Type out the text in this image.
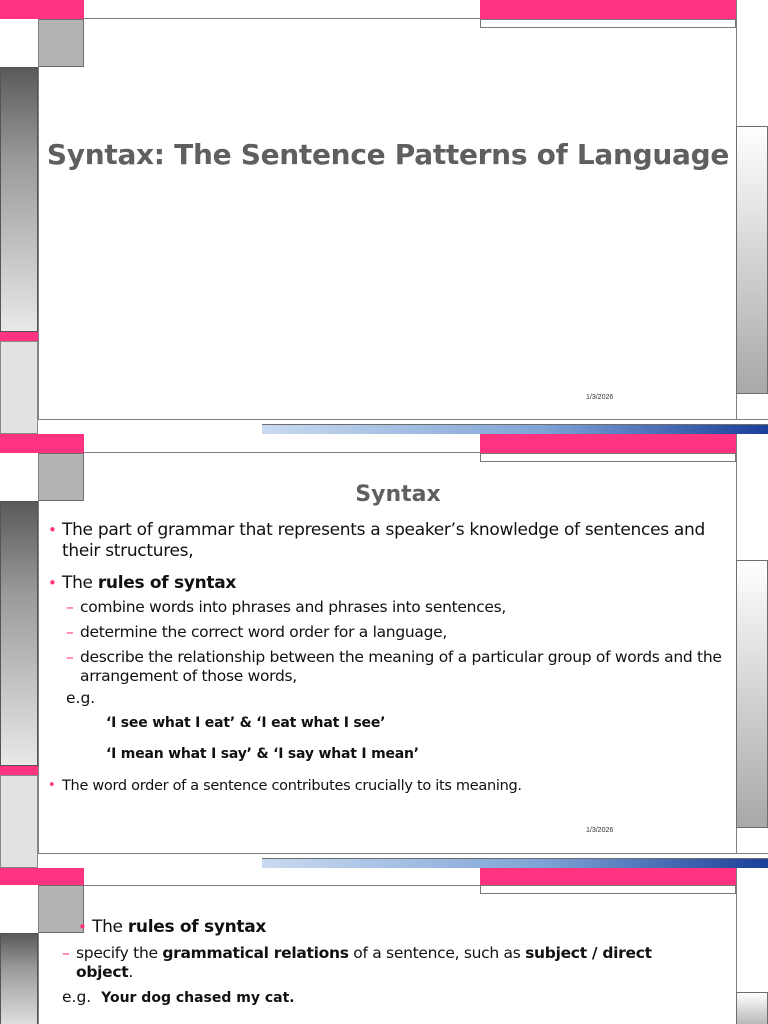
Syntax: The Sentence Patterns of Language
1/3/2026
Syntax
• The part of grammar that represents a speaker’s knowledge of sentences and their structures,
• The rules of syntax
– combine words into phrases and phrases into sentences,
– determine the correct word order for a language,
– describe the relationship between the meaning of a particular group of words and the arrangement of those words,
e.g.
‘I see what I eat’ & ‘I eat what I see’
‘I mean what I say’ & ‘I say what I mean’
• The word order of a sentence contributes crucially to its meaning.
1/3/2026
• The rules of syntax
– specify the grammatical relations of a sentence, such as subject / direct object.
e.g. Your dog chased my cat.
